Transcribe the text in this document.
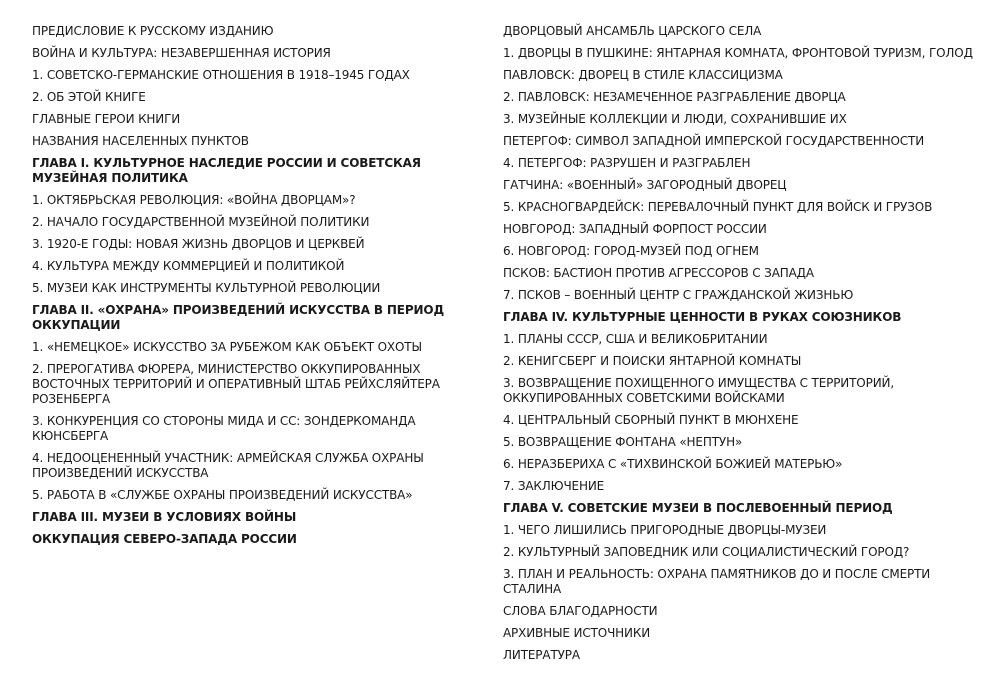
ПРЕДИСЛОВИЕ К РУССКОМУ ИЗДАНИЮ
ВОЙНА И КУЛЬТУРА: НЕЗАВЕРШЕННАЯ ИСТОРИЯ
1. СОВЕТСКО-ГЕРМАНСКИЕ ОТНОШЕНИЯ В 1918–1945 ГОДАХ
2. ОБ ЭТОЙ КНИГЕ
ГЛАВНЫЕ ГЕРОИ КНИГИ
НАЗВАНИЯ НАСЕЛЕННЫХ ПУНКТОВ
ГЛАВА I. КУЛЬТУРНОЕ НАСЛЕДИЕ РОССИИ И СОВЕТСКАЯ МУЗЕЙНАЯ ПОЛИТИКА
1. ОКТЯБРЬСКАЯ РЕВОЛЮЦИЯ: «ВОЙНА ДВОРЦАМ»?
2. НАЧАЛО ГОСУДАРСТВЕННОЙ МУЗЕЙНОЙ ПОЛИТИКИ
3. 1920-Е ГОДЫ: НОВАЯ ЖИЗНЬ ДВОРЦОВ И ЦЕРКВЕЙ
4. КУЛЬТУРА МЕЖДУ КОММЕРЦИЕЙ И ПОЛИТИКОЙ
5. МУЗЕИ КАК ИНСТРУМЕНТЫ КУЛЬТУРНОЙ РЕВОЛЮЦИИ
ГЛАВА II. «ОХРАНА» ПРОИЗВЕДЕНИЙ ИСКУССТВА В ПЕРИОД ОККУПАЦИИ
1. «НЕМЕЦКОЕ» ИСКУССТВО ЗА РУБЕЖОМ КАК ОБЪЕКТ ОХОТЫ
2. ПРЕРОГАТИВА ФЮРЕРА, МИНИСТЕРСТВО ОККУПИРОВАННЫХ ВОСТОЧНЫХ ТЕРРИТОРИЙ И ОПЕРАТИВНЫЙ ШТАБ РЕЙХСЛЯЙТЕРА РОЗЕНБЕРГА
3. КОНКУРЕНЦИЯ СО СТОРОНЫ МИДА И СС: ЗОНДЕРКОМАНДА КЮНСБЕРГА
4. НЕДООЦЕНЕННЫЙ УЧАСТНИК: АРМЕЙСКАЯ СЛУЖБА ОХРАНЫ ПРОИЗВЕДЕНИЙ ИСКУССТВА
5. РАБОТА В «СЛУЖБЕ ОХРАНЫ ПРОИЗВЕДЕНИЙ ИСКУССТВА»
ГЛАВА III. МУЗЕИ В УСЛОВИЯХ ВОЙНЫ
ОККУПАЦИЯ СЕВЕРО-ЗАПАДА РОССИИ
ДВОРЦОВЫЙ АНСАМБЛЬ ЦАРСКОГО СЕЛА
1. ДВОРЦЫ В ПУШКИНЕ: ЯНТАРНАЯ КОМНАТА, ФРОНТОВОЙ ТУРИЗМ, ГОЛОД
ПАВЛОВСК: ДВОРЕЦ В СТИЛЕ КЛАССИЦИЗМА
2. ПАВЛОВСК: НЕЗАМЕЧЕННОЕ РАЗГРАБЛЕНИЕ ДВОРЦА
3. МУЗЕЙНЫЕ КОЛЛЕКЦИИ И ЛЮДИ, СОХРАНИВШИЕ ИХ
ПЕТЕРГОФ: СИМВОЛ ЗАПАДНОЙ ИМПЕРСКОЙ ГОСУДАРСТВЕННОСТИ
4. ПЕТЕРГОФ: РАЗРУШЕН И РАЗГРАБЛЕН
ГАТЧИНА: «ВОЕННЫЙ» ЗАГОРОДНЫЙ ДВОРЕЦ
5. КРАСНОГВАРДЕЙСК: ПЕРЕВАЛОЧНЫЙ ПУНКТ ДЛЯ ВОЙСК И ГРУЗОВ
НОВГОРОД: ЗАПАДНЫЙ ФОРПОСТ РОССИИ
6. НОВГОРОД: ГОРОД-МУЗЕЙ ПОД ОГНЕМ
ПСКОВ: БАСТИОН ПРОТИВ АГРЕССОРОВ С ЗАПАДА
7. ПСКОВ – ВОЕННЫЙ ЦЕНТР С ГРАЖДАНСКОЙ ЖИЗНЬЮ
ГЛАВА IV. КУЛЬТУРНЫЕ ЦЕННОСТИ В РУКАХ СОЮЗНИКОВ
1. ПЛАНЫ СССР, США И ВЕЛИКОБРИТАНИИ
2. КЕНИГСБЕРГ И ПОИСКИ ЯНТАРНОЙ КОМНАТЫ
3. ВОЗВРАЩЕНИЕ ПОХИЩЕННОГО ИМУЩЕСТВА С ТЕРРИТОРИЙ, ОККУПИРОВАННЫХ СОВЕТСКИМИ ВОЙСКАМИ
4. ЦЕНТРАЛЬНЫЙ СБОРНЫЙ ПУНКТ В МЮНХЕНЕ
5. ВОЗВРАЩЕНИЕ ФОНТАНА «НЕПТУН»
6. НЕРАЗБЕРИХА С «ТИХВИНСКОЙ БОЖИЕЙ МАТЕРЬЮ»
7. ЗАКЛЮЧЕНИЕ
ГЛАВА V. СОВЕТСКИЕ МУЗЕИ В ПОСЛЕВОЕННЫЙ ПЕРИОД
1. ЧЕГО ЛИШИЛИСЬ ПРИГОРОДНЫЕ ДВОРЦЫ-МУЗЕИ
2. КУЛЬТУРНЫЙ ЗАПОВЕДНИК ИЛИ СОЦИАЛИСТИЧЕСКИЙ ГОРОД?
3. ПЛАН И РЕАЛЬНОСТЬ: ОХРАНА ПАМЯТНИКОВ ДО И ПОСЛЕ СМЕРТИ СТАЛИНА
СЛОВА БЛАГОДАРНОСТИ
АРХИВНЫЕ ИСТОЧНИКИ
ЛИТЕРАТУРА
